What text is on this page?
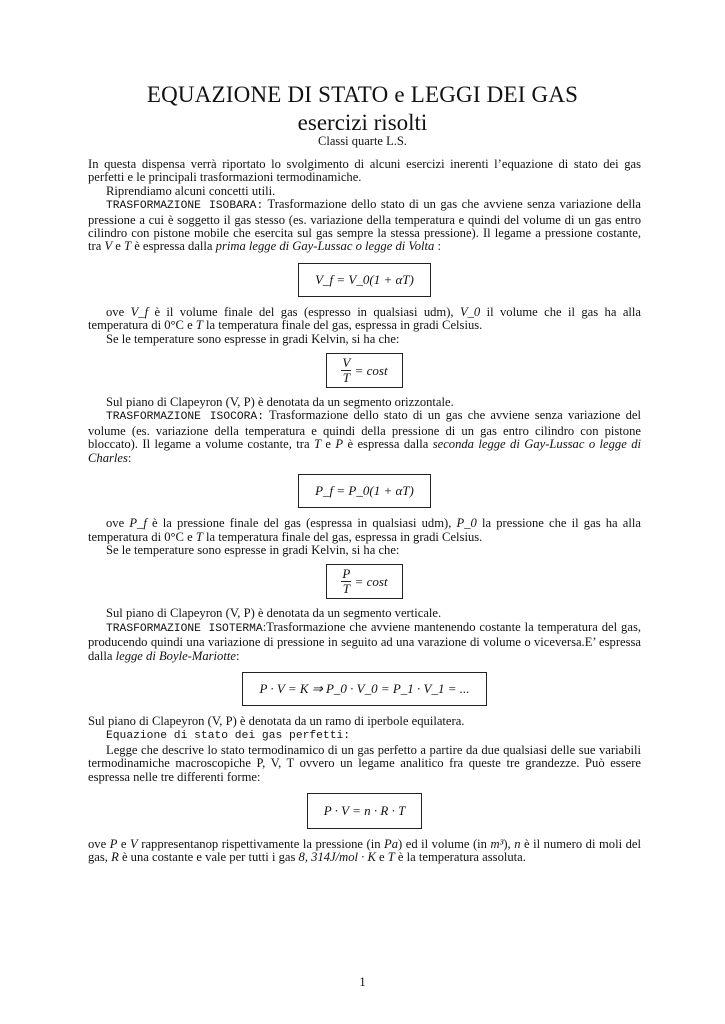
EQUAZIONE DI STATO e LEGGI DEI GAS
esercizi risolti
Classi quarte L.S.

In questa dispensa verrà riportato lo svolgimento di alcuni esercizi inerenti l’equazione di stato dei gas perfetti e le principali trasformazioni termodinamiche.

Riprendiamo alcuni concetti utili.

TRASFORMAZIONE ISOBARA: Trasformazione dello stato di un gas che avviene senza variazione della pressione a cui è soggetto il gas stesso (es. variazione della temperatura e quindi del volume di un gas entro cilindro con pistone mobile che esercita sul gas sempre la stessa pressione). Il legame a pressione costante, tra V e T è espressa dalla prima legge di Gay-Lussac o legge di Volta :

V_f = V_0(1 + αT)

ove V_f è il volume finale del gas (espresso in qualsiasi udm), V_0 il volume che il gas ha alla temperatura di 0°C e T la temperatura finale del gas, espressa in gradi Celsius.

Se le temperature sono espresse in gradi Kelvin, si ha che:

$\frac{V}{T} = \cos t$

Sul piano di Clapeyron (V, P) è denotata da un segmento orizzontale.

TRASFORMAZIONE ISOCORA: Trasformazione dello stato di un gas che avviene senza variazione del volume (es. variazione della temperatura e quindi della pressione di un gas entro cilindro con pistone bloccato). Il legame a volume costante, tra T e P è espressa dalla seconda legge di Gay-Lussac o legge di Charles:

P_f = P_0(1 + αT)

ove P_f è la pressione finale del gas (espressa in qualsiasi udm), P_0 la pressione che il gas ha alla temperatura di 0°C e T la temperatura finale del gas, espressa in gradi Celsius.

Se le temperature sono espresse in gradi Kelvin, si ha che:

$\frac{P}{T} = \cos t$

Sul piano di Clapeyron (V, P) è denotata da un segmento verticale.

TRASFORMAZIONE ISOTERMA:Trasformazione che avviene mantenendo costante la temperatura del gas, producendo quindi una variazione di pressione in seguito ad una varazione di volume o viceversa.E’ espressa dalla legge di Boyle-Mariotte:

P · V = K ⇒ P_0 · V_0 = P_1 · V_1 = ...

Sul piano di Clapeyron (V, P) è denotata da un ramo di iperbole equilatera.

Equazione di stato dei gas perfetti:

Legge che descrive lo stato termodinamico di un gas perfetto a partire da due qualsiasi delle sue variabili termodinamiche macroscopiche P, V, T ovvero un legame analitico fra queste tre grandezze. Può essere espressa nelle tre differenti forme:

P · V = n · R · T

ove P e V rappresentanop rispettivamente la pressione (in Pa) ed il volume (in m³), n è il numero di moli del gas, R è una costante e vale per tutti i gas 8, 314J/mol · K e T è la temperatura assoluta.

1
